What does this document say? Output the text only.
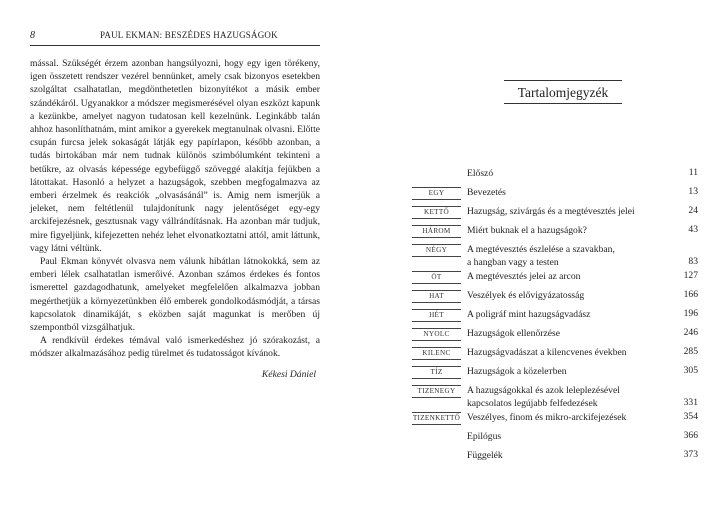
8	PAUL EKMAN: BESZÉDES HAZUGSÁGOK

mással. Szükségét érzem azonban hangsúlyozni, hogy egy igen törékeny, igen összetett rendszer vezérel bennünket, amely csak bizonyos esetekben szolgáltat csalhatatlan, megdönthetetlen bizonyítékot a másik ember szándékáról. Ugyanakkor a módszer megismerésével olyan eszközt kapunk a kezünkbe, amelyet nagyon tudatosan kell kezelnünk. Leginkább talán ahhoz hasonlíthatnám, mint amikor a gyerekek megtanulnak olvasni. Előtte csupán furcsa jelek sokaságát látják egy papírlapon, később azonban, a tudás birtokában már nem tudnak különös szimbólumként tekinteni a betűkre, az olvasás képessége egybefüggő szöveggé alakítja fejükben a látottakat. Hasonló a helyzet a hazugságok, szebben megfogalmazva az emberi érzelmek és reakciók „olvasásánál” is. Amig nem ismerjük a jeleket, nem feltétlenül tulajdonítunk nagy jelentőséget egy-egy arckifejezésnek, gesztusnak vagy vállrándításnak. Ha azonban már tudjuk, mire figyeljünk, kifejezetten nehéz lehet elvonatkoztatni attól, amit láttunk, vagy látni véltünk.

Paul Ekman könyvét olvasva nem válunk hibátlan látnokokká, sem az emberi lélek csalhatatlan ismerőivé. Azonban számos érdekes és fontos ismerettel gazdagodhatunk, amelyeket megfelelően alkalmazva jobban megérthetjük a környezetünkben élő emberek gondolkodásmódját, a társas kapcsolatok dinamikáját, s eközben saját magunkat is merőben új szempontból vizsgálhatjuk.

A rendkívül érdekes témával való ismerkedéshez jó szórakozást, a módszer alkalmazásához pedig türelmet és tudatosságot kívánok.

Kékesi Dániel
Tartalomjegyzék
Előszó	11
EGY	Bevezetés	13
KETTŐ	Hazugság, szivárgás és a megtévesztés jelei	24
HÁROM	Miért buknak el a hazugságok?	43
NÉGY	A megtévesztés észlelése a szavakban,
a hangban vagy a testen	83
ÖT	A megtévesztés jelei az arcon	127
HAT	Veszélyek és elővigyázatosság	166
HÉT	A poligráf mint hazugságvadász	196
NYOLC	Hazugságok ellenőrzése	246
KILENC	Hazugságvadászat a kilencvenes években	285
TÍZ	Hazugságok a közelетben	305
TIZENEGY	A hazugságokkal és azok leleplezésével
kapcsolatos legújabb felfedezések	331
TIZENKETTŐ Veszélyes, finom és mikro-arckifejezések	354
Epilógus	366
Függelék	373
